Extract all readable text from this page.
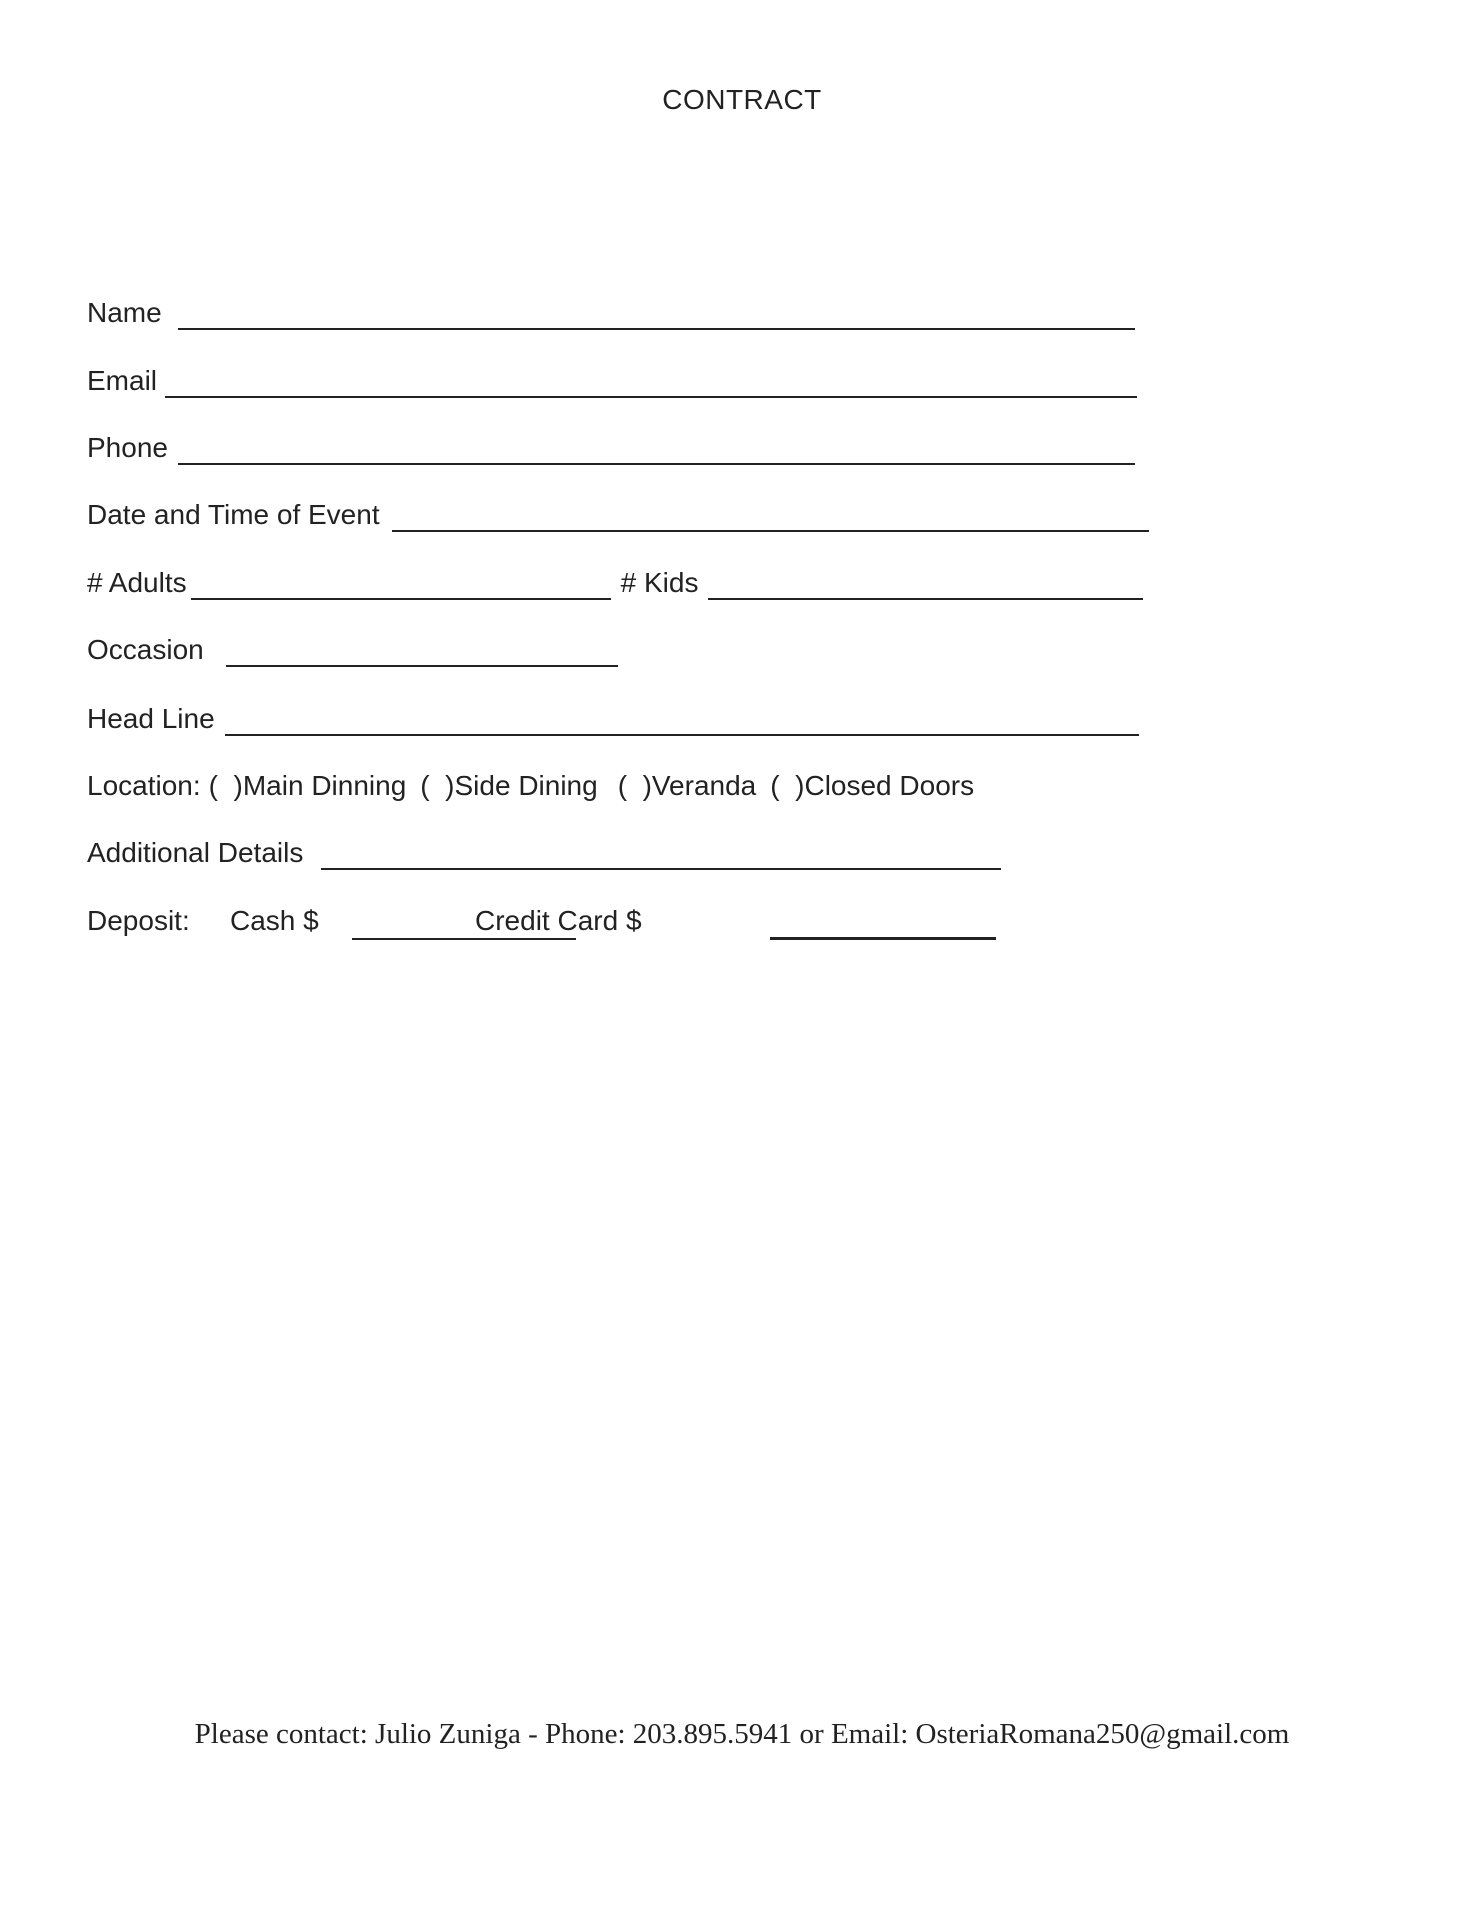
CONTRACT
Name
Email
Phone
Date and Time of Event
# Adults	# Kids
Occasion
Head Line
Location: (  )Main Dinning (  )Side Dining (  )Veranda (  )Closed Doors
Additional Details
Deposit: Cash $	Credit Card $
Please contact: Julio Zuniga - Phone: 203.895.5941 or Email: OsteriaRomana250@gmail.com
